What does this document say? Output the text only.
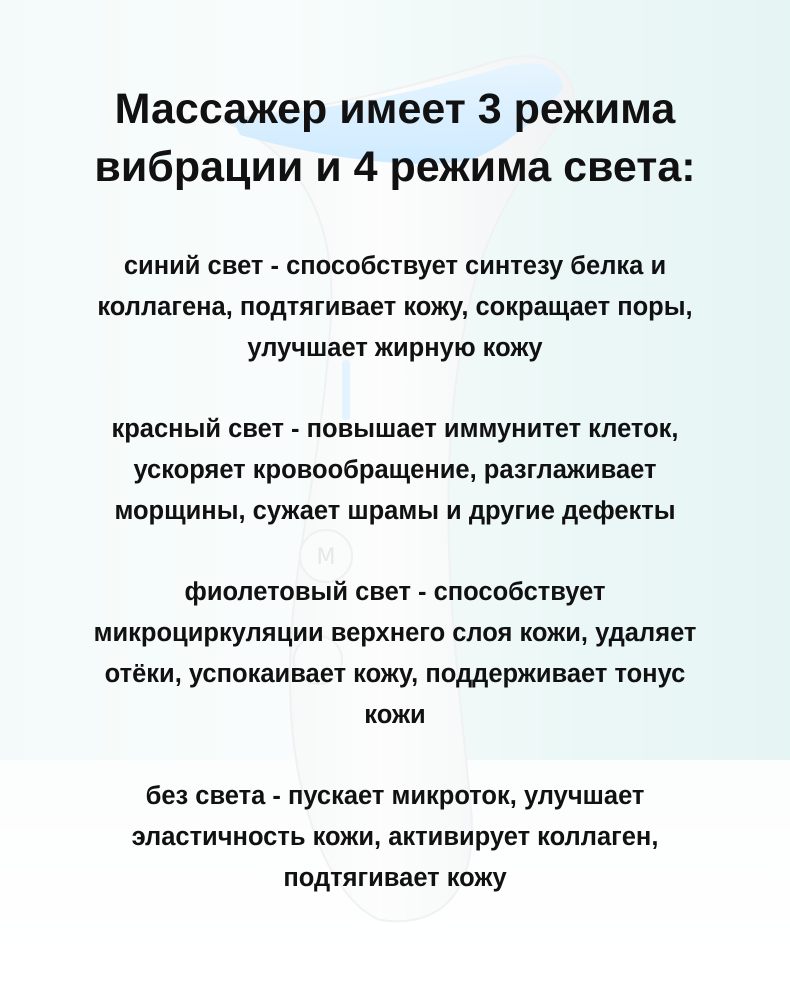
Массажер имеет 3 режима
вибрации и 4 режима света:

синий свет - способствует синтезу белка и
коллагена, подтягивает кожу, сокращает поры,
улучшает жирную кожу

красный свет - повышает иммунитет клеток,
ускоряет кровообращение, разглаживает
морщины, сужает шрамы и другие дефекты

фиолетовый свет - способствует
микроциркуляции верхнего слоя кожи, удаляет
отёки, успокаивает кожу, поддерживает тонус
кожи

без света - пускает микроток, улучшает
эластичность кожи, активирует коллаген,
подтягивает кожу
